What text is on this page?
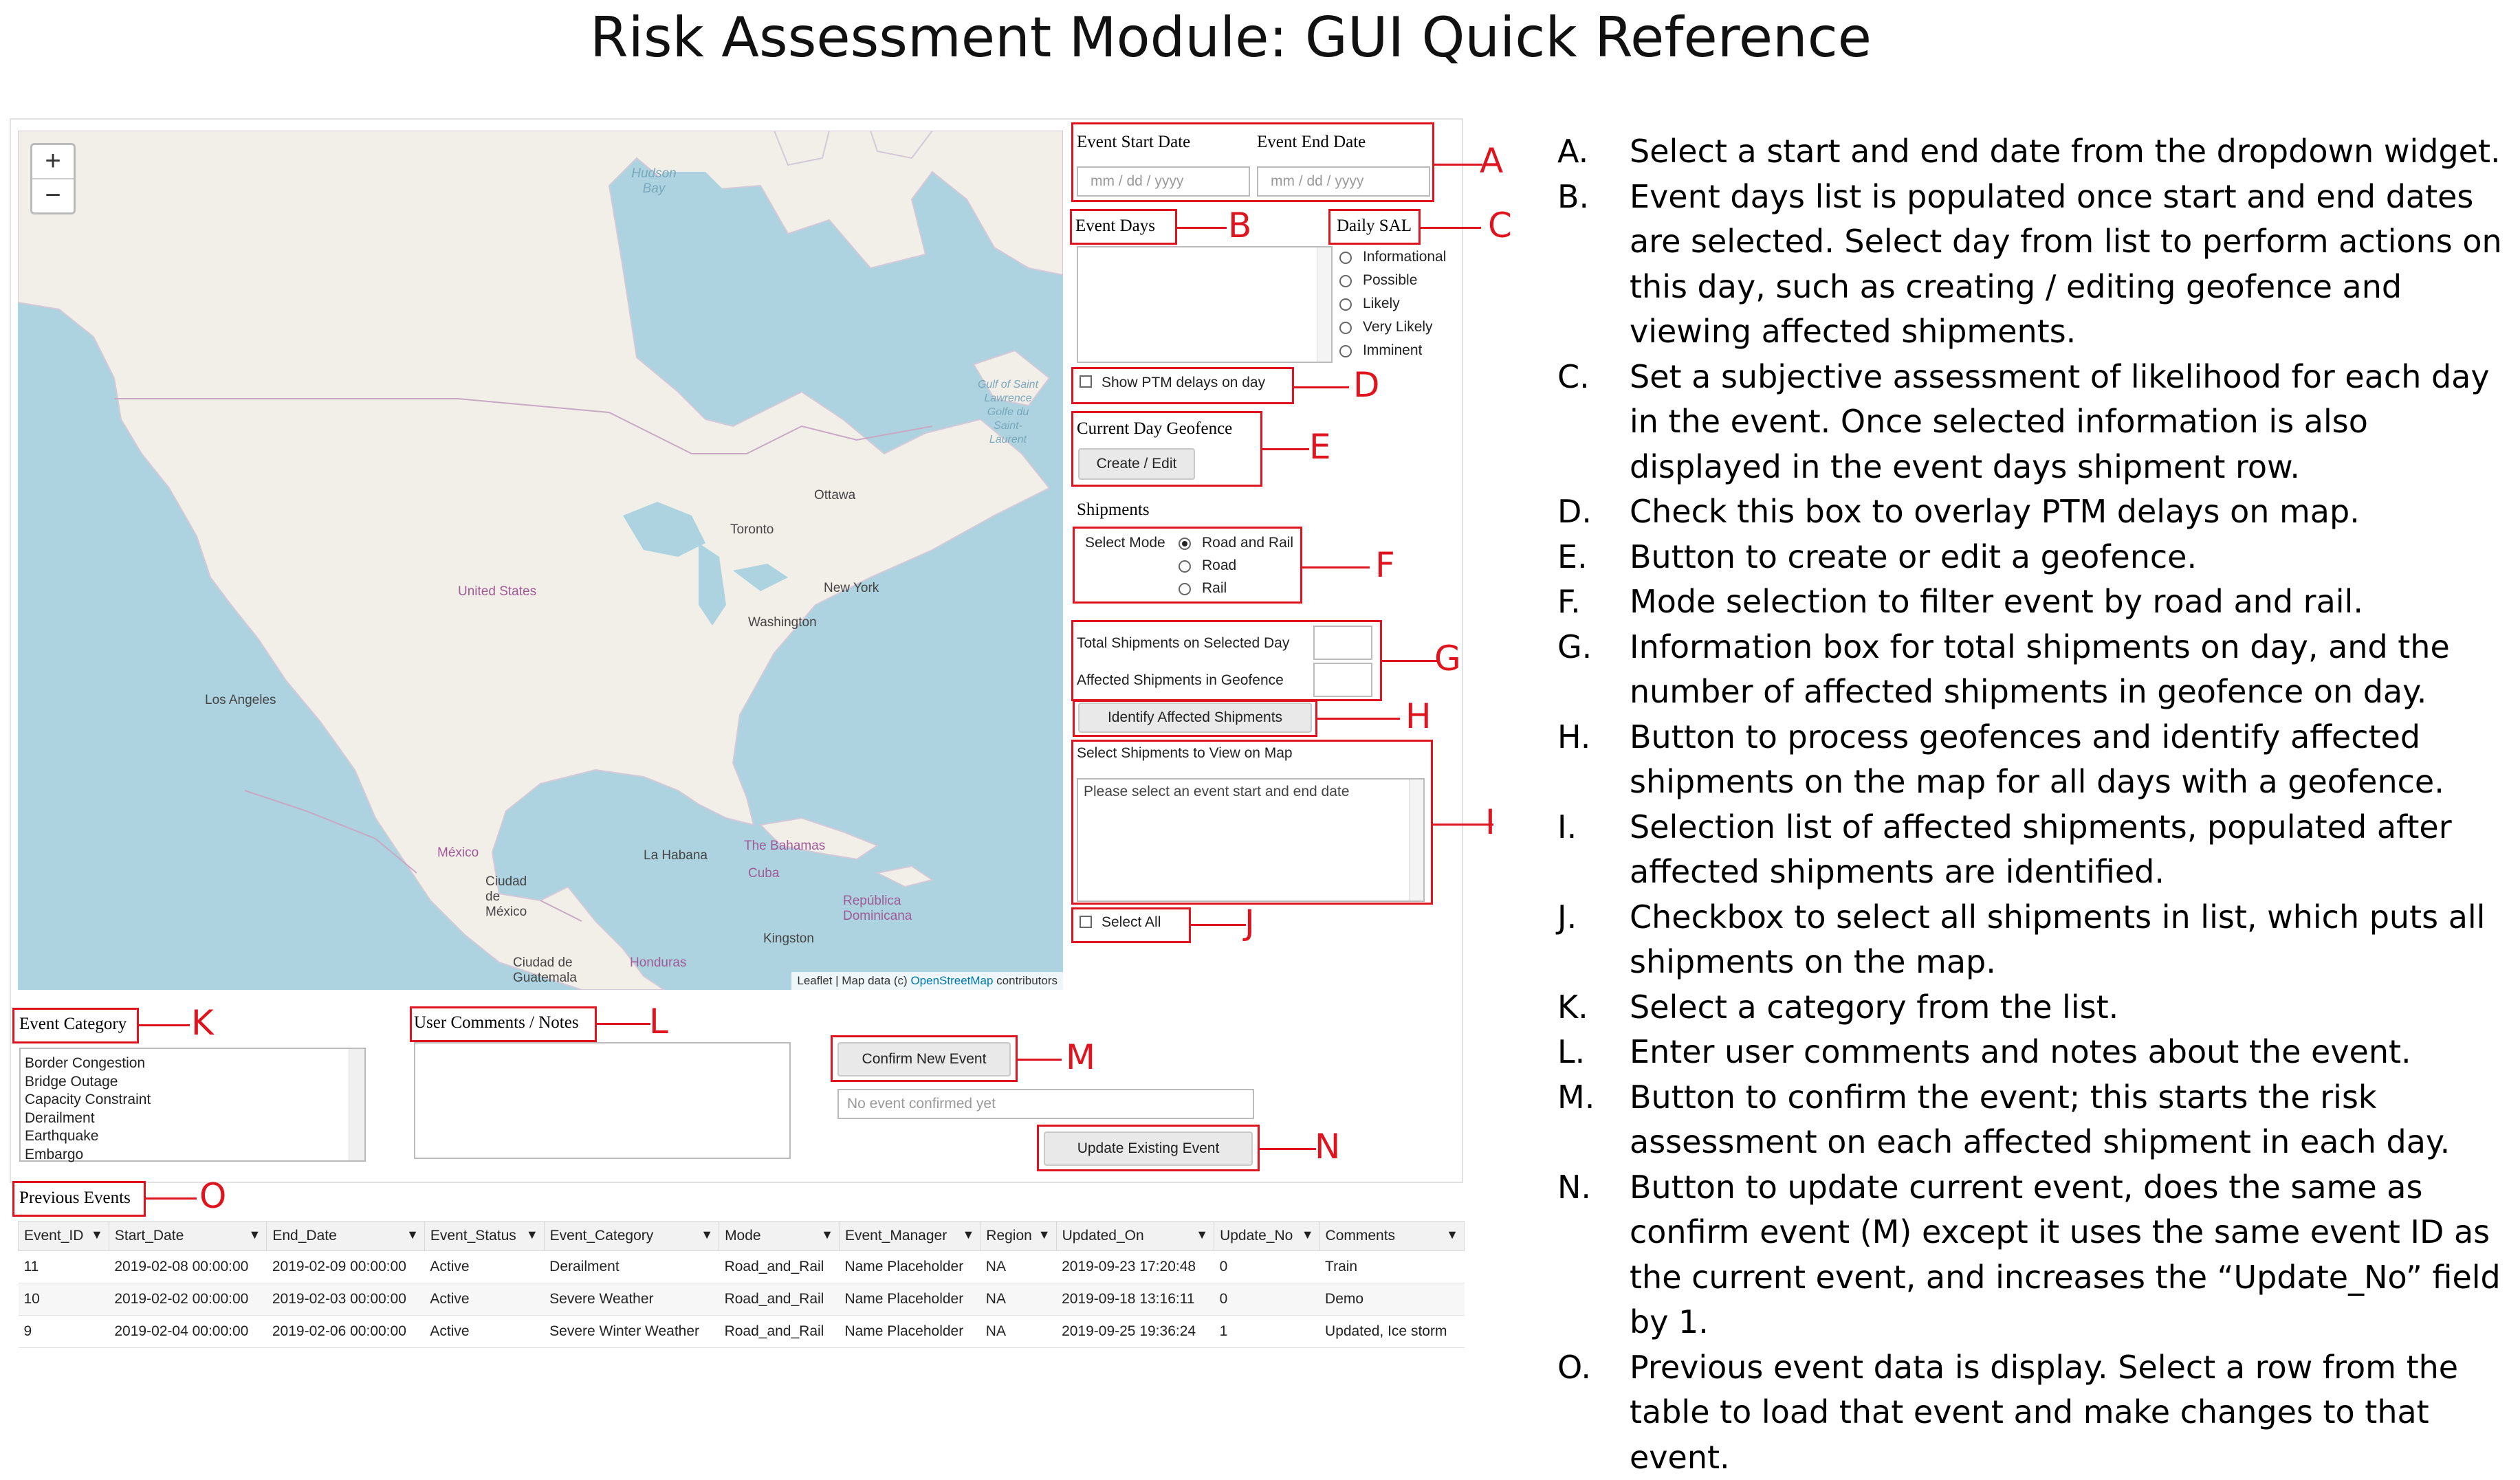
Risk Assessment Module: GUI Quick Reference
+
−
Hudson Bay
Gulf of Saint Lawrence Golfe du Saint-Laurent
Ottawa
Toronto
United States	New York
Washington
Los Angeles
México
Ciudad de México
La Habana
The Bahamas
Cuba
República Dominicana
Kingston
Ciudad de Guatemala
Honduras
Leaflet | Map data (c) OpenStreetMap contributors
Event Start Date	Event End Date
mm / dd / yyyy	mm / dd / yyyy
A
Event Days B	Daily SAL C
Informational
Possible
Likely
Very Likely
Imminent
Show PTM delays on day	D
Current Day Geofence
Create / Edit	E
Shipments
Select Mode	Road and Rail
Road
Rail
F
Total Shipments on Selected Day
Affected Shipments in Geofence
G
Identify Affected Shipments	H
Select Shipments to View on Map
Please select an event start and end date
I
Select All J
Event Category
Border Congestion
Bridge Outage
Capacity Constraint
Derailment
Earthquake
Embargo
K	User Comments / Notes L
Confirm New Event
No event confirmed yet
M
Update Existing Event	N
Previous Events O
Event_ID ▼	Start_Date ▼	End_Date ▼	Event_Status ▼	Event_Category ▼	Mode ▼	Event_Manager ▼	Region ▼	Updated_On ▼	Update_No ▼	Comments ▼

11	2019-02-08 00:00:00	2019-02-09 00:00:00	Active	Derailment	Road_and_Rail	Name Placeholder	NA	2019-09-23 17:20:48	0	Train
10	2019-02-02 00:00:00	2019-02-03 00:00:00	Active	Severe Weather	Road_and_Rail	Name Placeholder	NA	2019-09-18 13:16:11	0	Demo
9	2019-02-04 00:00:00	2019-02-06 00:00:00	Active	Severe Winter Weather	Road_and_Rail	Name Placeholder	NA	2019-09-25 19:36:24	1	Updated, Ice storm
A.	Select a start and end date from the dropdown widget.
B.	Event days list is populated once start and end dates are selected. Select day from list to perform actions on this day, such as creating / editing geofence and viewing affected shipments.
C.	Set a subjective assessment of likelihood for each day in the event. Once selected information is also displayed in the event days shipment row.
D.	Check this box to overlay PTM delays on map.
E.	Button to create or edit a geofence.
F.	Mode selection to filter event by road and rail.
G.	Information box for total shipments on day, and the number of affected shipments in geofence on day.
H.	Button to process geofences and identify affected shipments on the map for all days with a geofence.
I.	Selection list of affected shipments, populated after affected shipments are identified.
J.	Checkbox to select all shipments in list, which puts all shipments on the map.
K.	Select a category from the list.
L.	Enter user comments and notes about the event.
M.	Button to confirm the event; this starts the risk assessment on each affected shipment in each day.
N.	Button to update current event, does the same as confirm event (M) except it uses the same event ID as the current event, and increases the “Update_No” field by 1.
O.	Previous event data is display. Select a row from the table to load that event and make changes to that event.
